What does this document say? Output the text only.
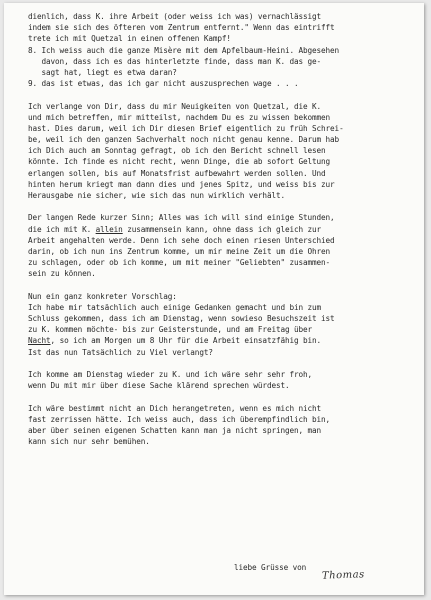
dienlich, dass K. ihre Arbeit (oder weiss ich was) vernachlässigt
indem sie sich des öfteren vom Zentrum entfernt." Wenn das eintrifft
trete ich mit Quetzal in einen offenen Kampf!
8. Ich weiss auch die ganze Misère mit dem Apfelbaum-Heini. Abgesehen
davon, dass ich es das hinterletzte finde, dass man K. das ge-
sagt hat, liegt es etwa daran?
9. das ist etwas, das ich gar nicht auszusprechen wage . . .
Ich verlange von Dir, dass du mir Neuigkeiten von Quetzal, die K.
und mich betreffen, mir mitteilst, nachdem Du es zu wissen bekommen
hast. Dies darum, weil ich Dir diesen Brief eigentlich zu früh Schrei-
be, weil ich den ganzen Sachverhalt noch nicht genau kenne. Darum hab
ich Dich auch am Sonntag gefragt, ob ich den Bericht schnell lesen
könnte. Ich finde es nicht recht, wenn Dinge, die ab sofort Geltung
erlangen sollen, bis auf Monatsfrist aufbewahrt werden sollen. Und
hinten herum kriegt man dann dies und jenes Spitz, und weiss bis zur
Herausgabe nie sicher, wie sich das nun wirklich verhält.
Der langen Rede kurzer Sinn; Alles was ich will sind einige Stunden,
die ich mit K. allein zusammensein kann, ohne dass ich gleich zur
Arbeit angehalten werde. Denn ich sehe doch einen riesen Unterschied
darin, ob ich nun ins Zentrum komme, um mir meine Zeit um die Ohren
zu schlagen, oder ob ich komme, um mit meiner "Geliebten" zusammen-
sein zu können.
Nun ein ganz konkreter Vorschlag:
Ich habe mir tatsächlich auch einige Gedanken gemacht und bin zum
Schluss gekommen, dass ich am Dienstag, wenn sowieso Besuchszeit ist
zu K. kommen möchte- bis zur Geisterstunde, und am Freitag über
Nacht, so ich am Morgen um 8 Uhr für die Arbeit einsatzfähig bin.
Ist das nun Tatsächlich zu Viel verlangt?
Ich komme am Dienstag wieder zu K. und ich wäre sehr sehr froh,
wenn Du mit mir über diese Sache klärend sprechen würdest.
Ich wäre bestimmt nicht an Dich herangetreten, wenn es mich nicht
fast zerrissen hätte. Ich weiss auch, dass ich überempfindlich bin,
aber über seinen eigenen Schatten kann man ja nicht springen, man
kann sich nur sehr bemühen.
liebe Grüsse von
Thomas
